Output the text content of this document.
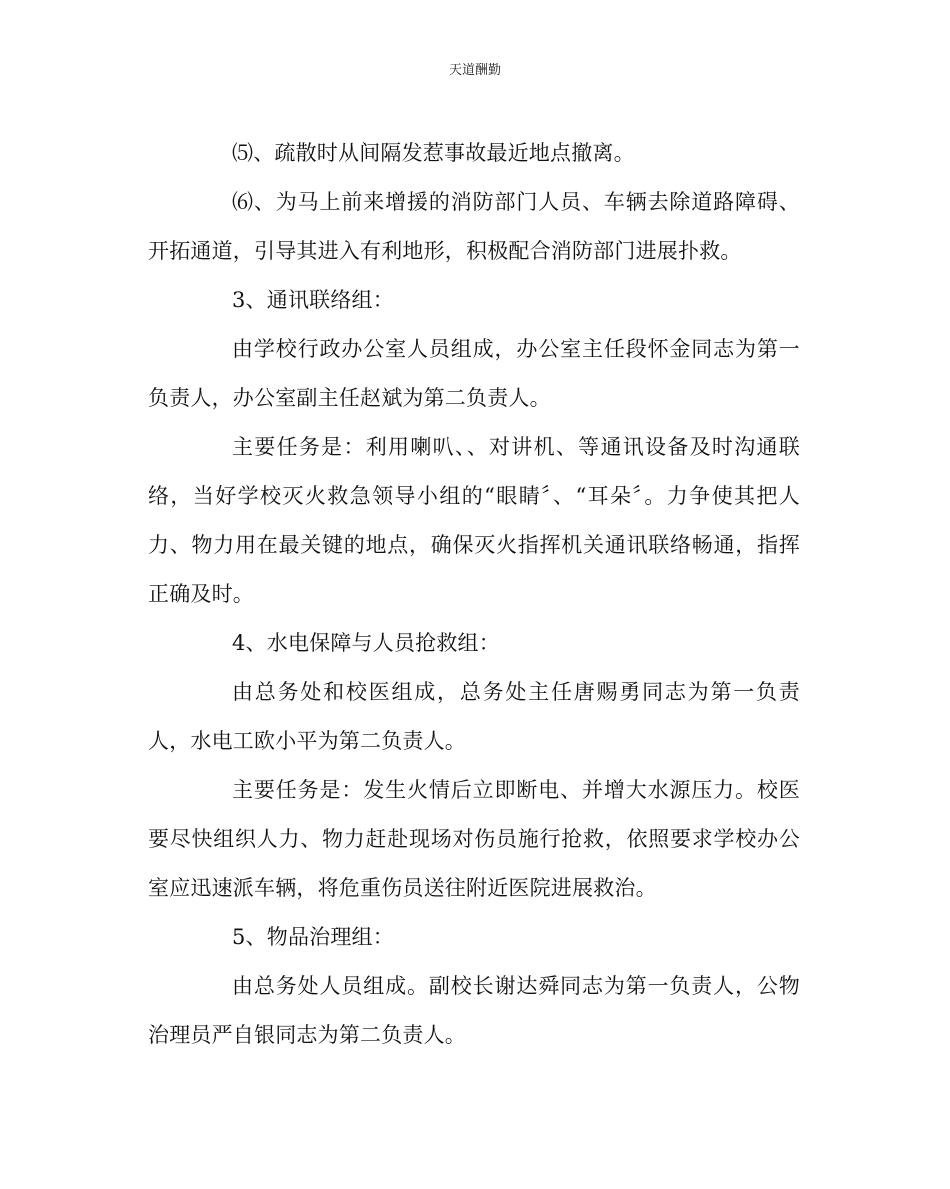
天道酬勤

⑸、疏散时从间隔发惹事故最近地点撤离。

⑹、为马上前来增援的消防部门人员、车辆去除道路障碍、开拓通道，引导其进入有利地形，积极配合消防部门进展扑救。

3、通讯联络组：

由学校行政办公室人员组成，办公室主任段怀金同志为第一负责人，办公室副主任赵斌为第二负责人。

主要任务是：利用喇叭、、对讲机、等通讯设备及时沟通联络，当好学校灭火救急领导小组的“眼睛〞、“耳朵〞。力争使其把人力、物力用在最关键的地点，确保灭火指挥机关通讯联络畅通，指挥正确及时。

4、水电保障与人员抢救组：

由总务处和校医组成，总务处主任唐赐勇同志为第一负责人，水电工欧小平为第二负责人。

主要任务是：发生火情后立即断电、并增大水源压力。校医要尽快组织人力、物力赶赴现场对伤员施行抢救，依照要求学校办公室应迅速派车辆，将危重伤员送往附近医院进展救治。

5、物品治理组：

由总务处人员组成。副校长谢达舜同志为第一负责人，公物治理员严自银同志为第二负责人。
